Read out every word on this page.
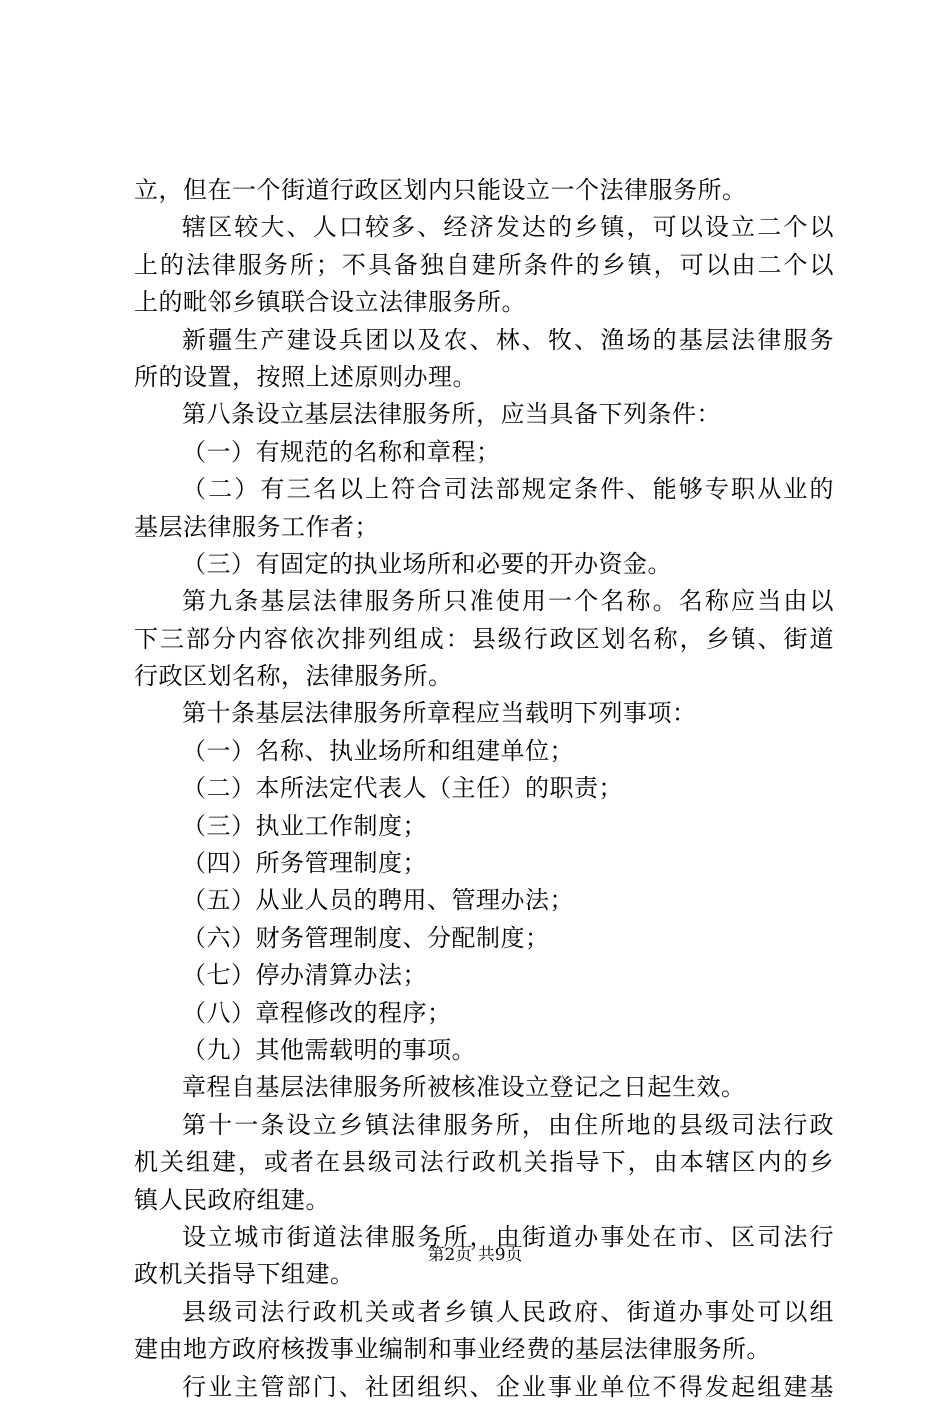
立，但在一个街道行政区划内只能设立一个法律服务所。
辖区较大、人口较多、经济发达的乡镇，可以设立二个以
上的法律服务所；不具备独自建所条件的乡镇，可以由二个以
上的毗邻乡镇联合设立法律服务所。
新疆生产建设兵团以及农、林、牧、渔场的基层法律服务
所的设置，按照上述原则办理。
第八条设立基层法律服务所，应当具备下列条件：
（一）有规范的名称和章程；
（二）有三名以上符合司法部规定条件、能够专职从业的
基层法律服务工作者；
（三）有固定的执业场所和必要的开办资金。
第九条基层法律服务所只准使用一个名称。名称应当由以
下三部分内容依次排列组成：县级行政区划名称，乡镇、街道
行政区划名称，法律服务所。
第十条基层法律服务所章程应当载明下列事项：
（一）名称、执业场所和组建单位；
（二）本所法定代表人（主任）的职责；
（三）执业工作制度；
（四）所务管理制度；
（五）从业人员的聘用、管理办法；
（六）财务管理制度、分配制度；
（七）停办清算办法；
（八）章程修改的程序；
（九）其他需载明的事项。
章程自基层法律服务所被核准设立登记之日起生效。
第十一条设立乡镇法律服务所，由住所地的县级司法行政
机关组建，或者在县级司法行政机关指导下，由本辖区内的乡
镇人民政府组建。
设立城市街道法律服务所，由街道办事处在市、区司法行
政机关指导下组建。
县级司法行政机关或者乡镇人民政府、街道办事处可以组
建由地方政府核拨事业编制和事业经费的基层法律服务所。
行业主管部门、社团组织、企业事业单位不得发起组建基
第2页 共9页
